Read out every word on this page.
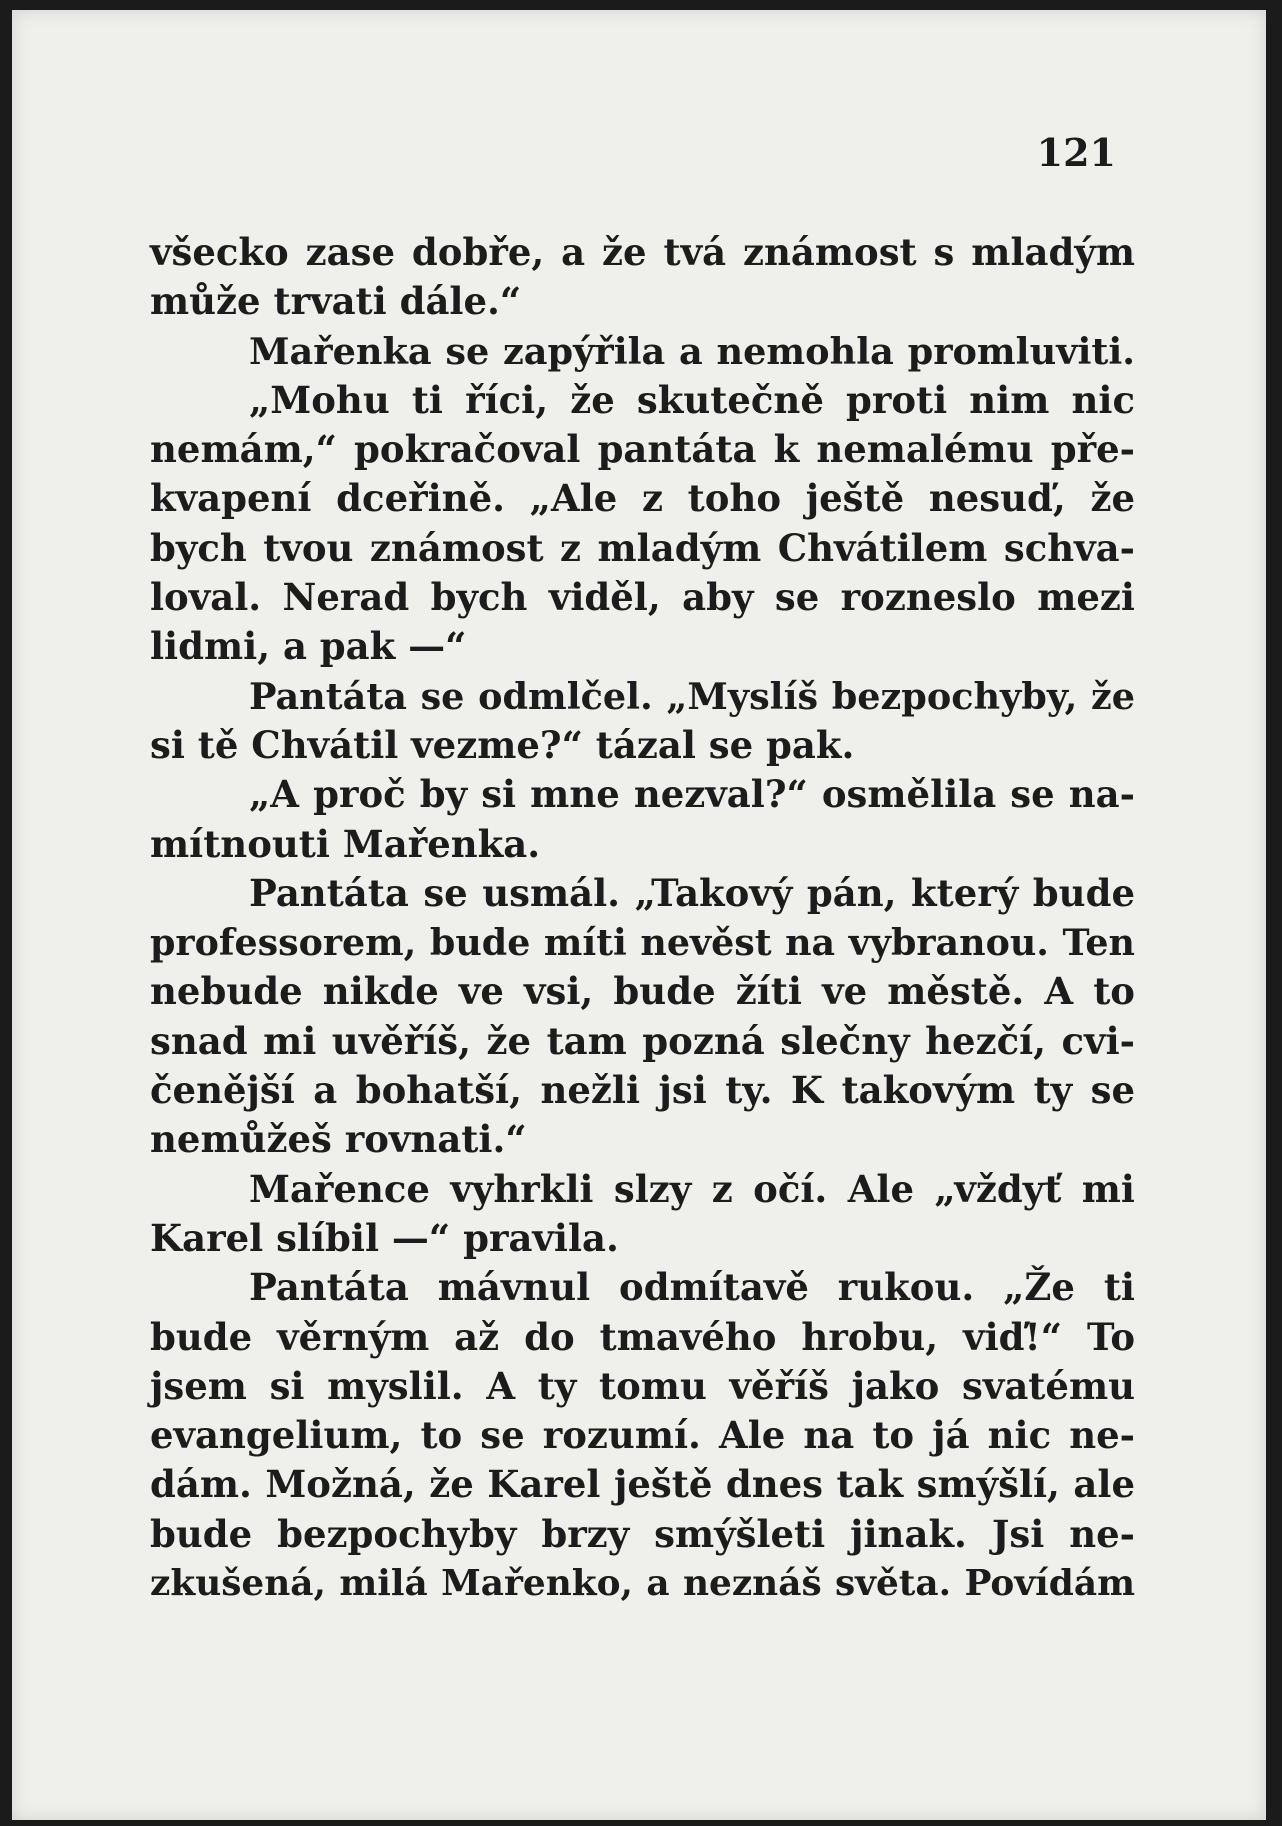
121
všecko zase dobře, a že tvá známost s mladým
může trvati dále.“
Mařenka se zapýřila a nemohla promluviti.
„Mohu ti říci, že skutečně proti nim nic
nemám,“ pokračoval pantáta k nemalému pře-
kvapení dceřině. „Ale z toho ještě nesuď, že
bych tvou známost z mladým Chvátilem schva-
loval. Nerad bych viděl, aby se rozneslo mezi
lidmi, a pak —“
Pantáta se odmlčel. „Myslíš bezpochyby, že
si tě Chvátil vezme?“ tázal se pak.
„A proč by si mne nezval?“ osmělila se na-
mítnouti Mařenka.
Pantáta se usmál. „Takový pán, který bude
professorem, bude míti nevěst na vybranou. Ten
nebude nikde ve vsi, bude žíti ve městě. A to
snad mi uvěříš, že tam pozná slečny hezčí, cvi-
čenější a bohatší, nežli jsi ty. K takovým ty se
nemůžeš rovnati.“
Mařence vyhrkli slzy z očí. Ale „vždyť mi
Karel slíbil —“ pravila.
Pantáta mávnul odmítavě rukou. „Že ti
bude věrným až do tmavého hrobu, viď!“ To
jsem si myslil. A ty tomu věříš jako svatému
evangelium, to se rozumí. Ale na to já nic ne-
dám. Možná, že Karel ještě dnes tak smýšlí, ale
bude bezpochyby brzy smýšleti jinak. Jsi ne-
zkušená, milá Mařenko, a neznáš světa. Povídám
